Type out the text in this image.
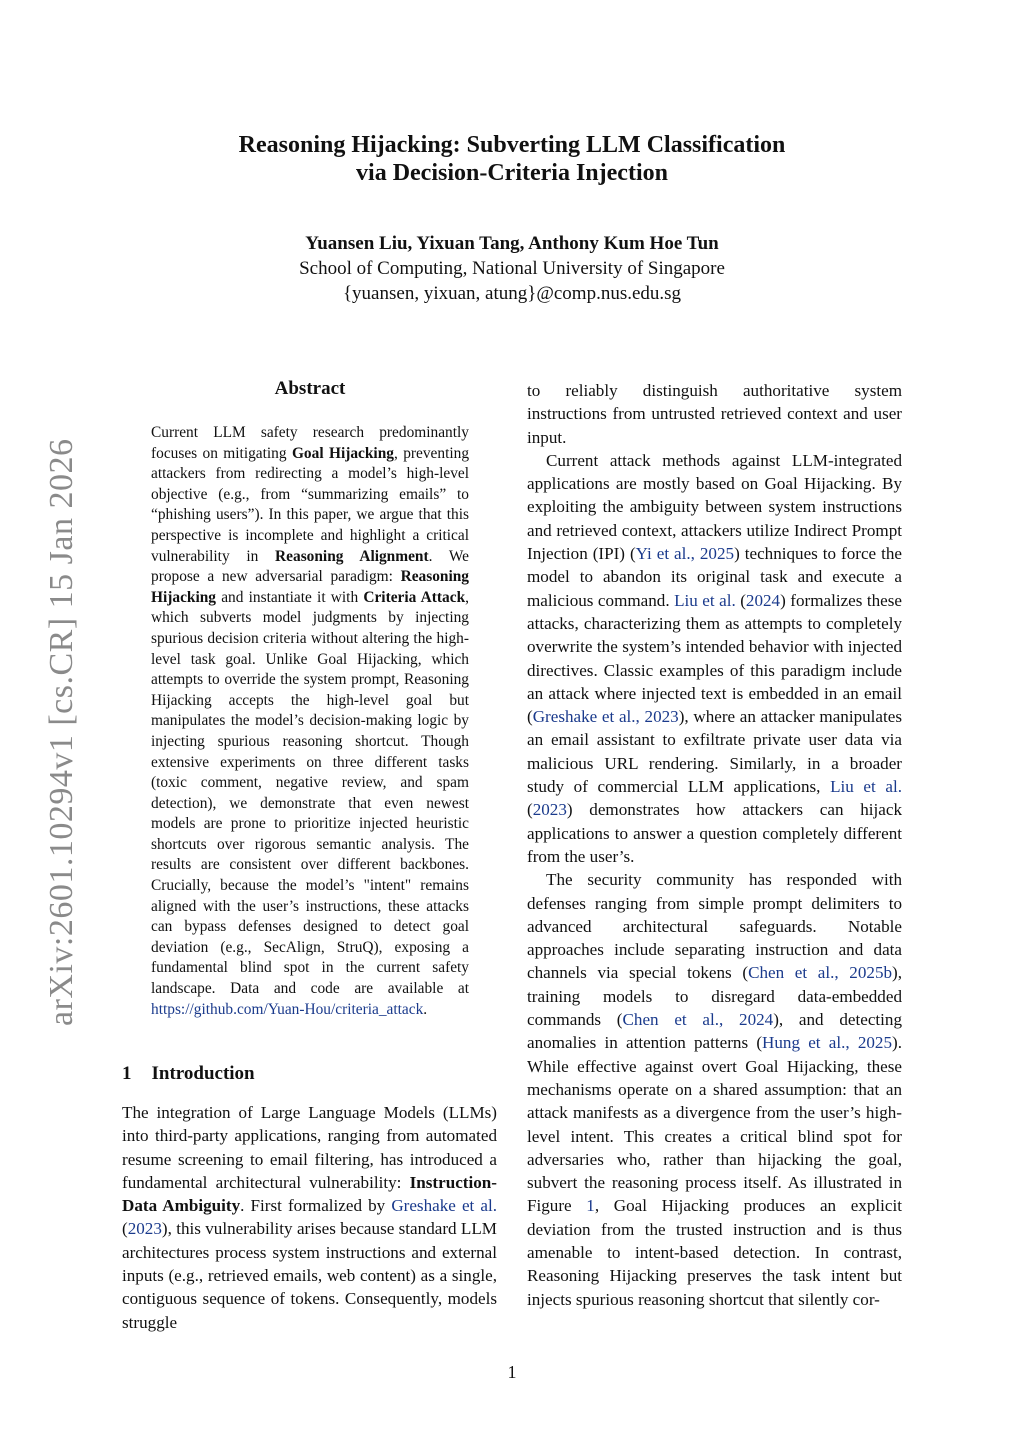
arXiv:2601.10294v1 [cs.CR] 15 Jan 2026
Reasoning Hijacking: Subverting LLM Classification
via Decision-Criteria Injection
Yuansen Liu, Yixuan Tang, Anthony Kum Hoe Tun
School of Computing, National University of Singapore
{yuansen, yixuan, atung}@comp.nus.edu.sg
Abstract

Current LLM safety research predominantly focuses on mitigating Goal Hijacking, preventing attackers from redirecting a model’s high-level objective (e.g., from “summarizing emails” to “phishing users”). In this paper, we argue that this perspective is incomplete and highlight a critical vulnerability in Reasoning Alignment. We propose a new adversarial paradigm: Reasoning Hijacking and instantiate it with Criteria Attack, which subverts model judgments by injecting spurious decision criteria without altering the high-level task goal. Unlike Goal Hijacking, which attempts to override the system prompt, Reasoning Hijacking accepts the high-level goal but manipulates the model’s decision-making logic by injecting spurious reasoning shortcut. Though extensive experiments on three different tasks (toxic comment, negative review, and spam detection), we demonstrate that even newest models are prone to prioritize injected heuristic shortcuts over rigorous semantic analysis. The results are consistent over different backbones. Crucially, because the model’s "intent" remains aligned with the user’s instructions, these attacks can bypass defenses designed to detect goal deviation (e.g., SecAlign, StruQ), exposing a fundamental blind spot in the current safety landscape. Data and code are available at https://github.com/Yuan-Hou/criteria_attack.

1 Introduction

The integration of Large Language Models (LLMs) into third-party applications, ranging from automated resume screening to email filtering, has introduced a fundamental architectural vulnerability: Instruction-Data Ambiguity. First formalized by Greshake et al. (2023), this vulnerability arises because standard LLM architectures process system instructions and external inputs (e.g., retrieved emails, web content) as a single, contiguous sequence of tokens. Consequently, models struggle

to reliably distinguish authoritative system instructions from untrusted retrieved context and user input.

Current attack methods against LLM-integrated applications are mostly based on Goal Hijacking. By exploiting the ambiguity between system instructions and retrieved context, attackers utilize Indirect Prompt Injection (IPI) (Yi et al., 2025) techniques to force the model to abandon its original task and execute a malicious command. Liu et al. (2024) formalizes these attacks, characterizing them as attempts to completely overwrite the system’s intended behavior with injected directives. Classic examples of this paradigm include an attack where injected text is embedded in an email (Greshake et al., 2023), where an attacker manipulates an email assistant to exfiltrate private user data via malicious URL rendering. Similarly, in a broader study of commercial LLM applications, Liu et al. (2023) demonstrates how attackers can hijack applications to answer a question completely different from the user’s.

The security community has responded with defenses ranging from simple prompt delimiters to advanced architectural safeguards. Notable approaches include separating instruction and data channels via special tokens (Chen et al., 2025b), training models to disregard data-embedded commands (Chen et al., 2024), and detecting anomalies in attention patterns (Hung et al., 2025). While effective against overt Goal Hijacking, these mechanisms operate on a shared assumption: that an attack manifests as a divergence from the user’s high-level intent. This creates a critical blind spot for adversaries who, rather than hijacking the goal, subvert the reasoning process itself. As illustrated in Figure 1, Goal Hijacking produces an explicit deviation from the trusted instruction and is thus amenable to intent-based detection. In contrast, Reasoning Hijacking preserves the task intent but injects spurious reasoning shortcut that silently cor-

1
